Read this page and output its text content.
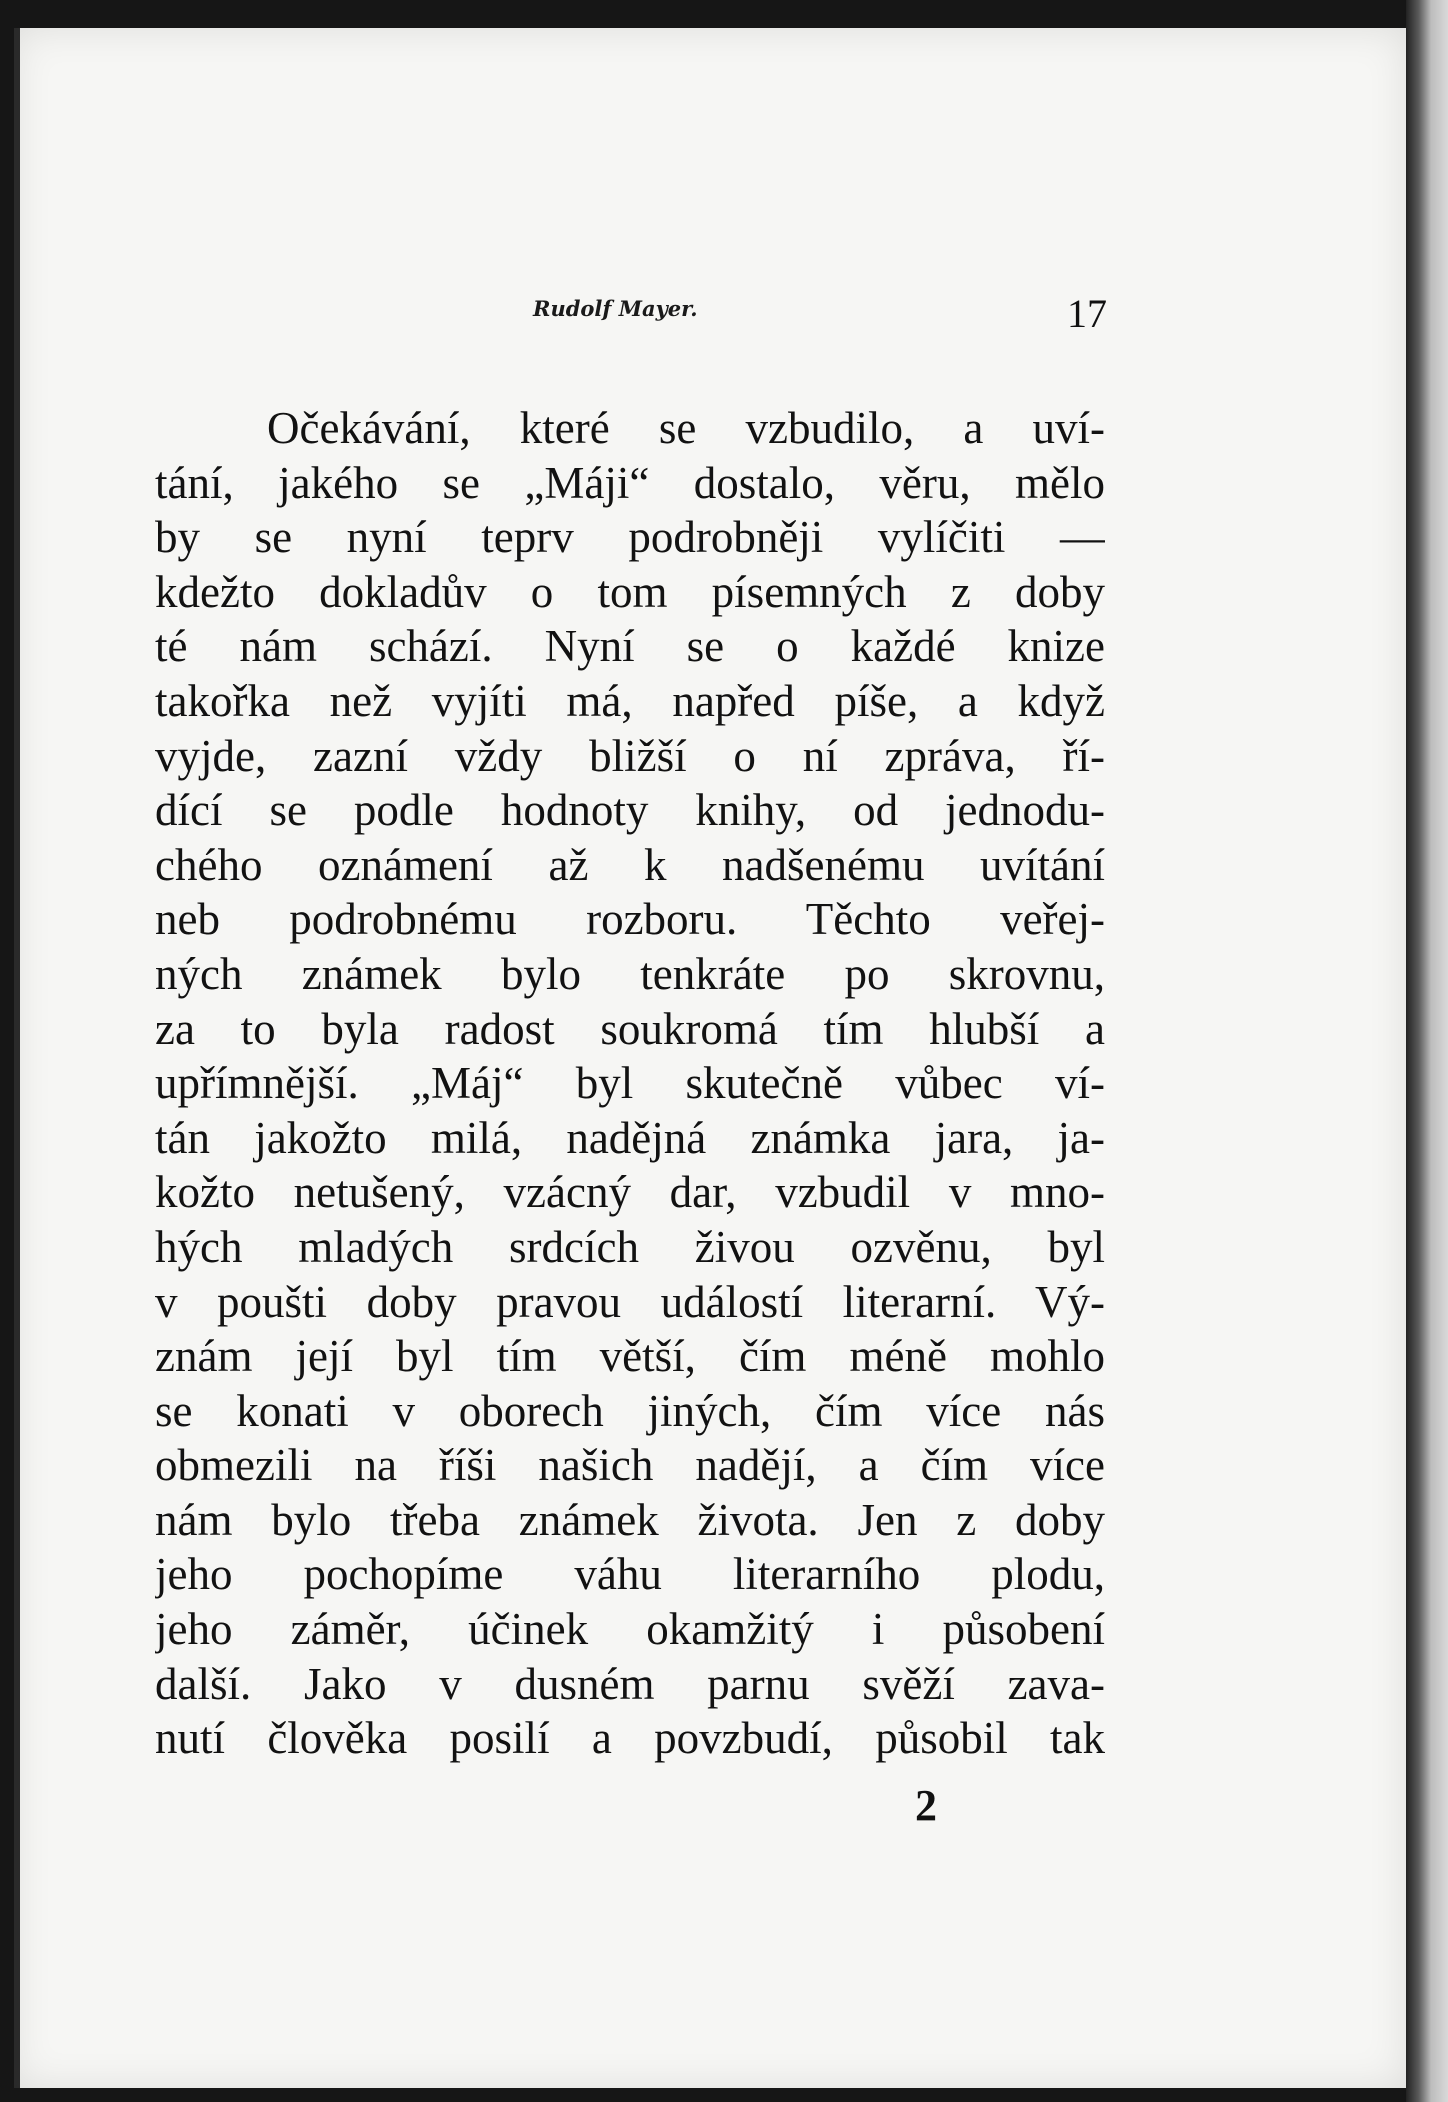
Rudolf Mayer.	17
Očekávání, které se vzbudilo, a uví-
tání, jakého se „Máji“ dostalo, věru, mělo
by se nyní teprv podrobněji vylíčiti —
kdežto dokladův o tom písemných z doby
té nám schází. Nyní se o každé knize
takořka než vyjíti má, napřed píše, a když
vyjde, zazní vždy bližší o ní zpráva, ří-
dící se podle hodnoty knihy, od jednodu-
chého oznámení až k nadšenému uvítání
neb podrobnému rozboru. Těchto veřej-
ných známek bylo tenkráte po skrovnu,
za to byla radost soukromá tím hlubší a
upřímnější. „Máj“ byl skutečně vůbec ví-
tán jakožto milá, nadějná známka jara, ja-
kožto netušený, vzácný dar, vzbudil v mno-
hých mladých srdcích živou ozvěnu, byl
v poušti doby pravou událostí literarní. Vý-
znám její byl tím větší, čím méně mohlo
se konati v oborech jiných, čím více nás
obmezili na říši našich nadějí, a čím více
nám bylo třeba známek života. Jen z doby
jeho pochopíme váhu literarního plodu,
jeho záměr, účinek okamžitý i působení
další. Jako v dusném parnu svěží zava-
nutí člověka posilí a povzbudí, působil tak
2
